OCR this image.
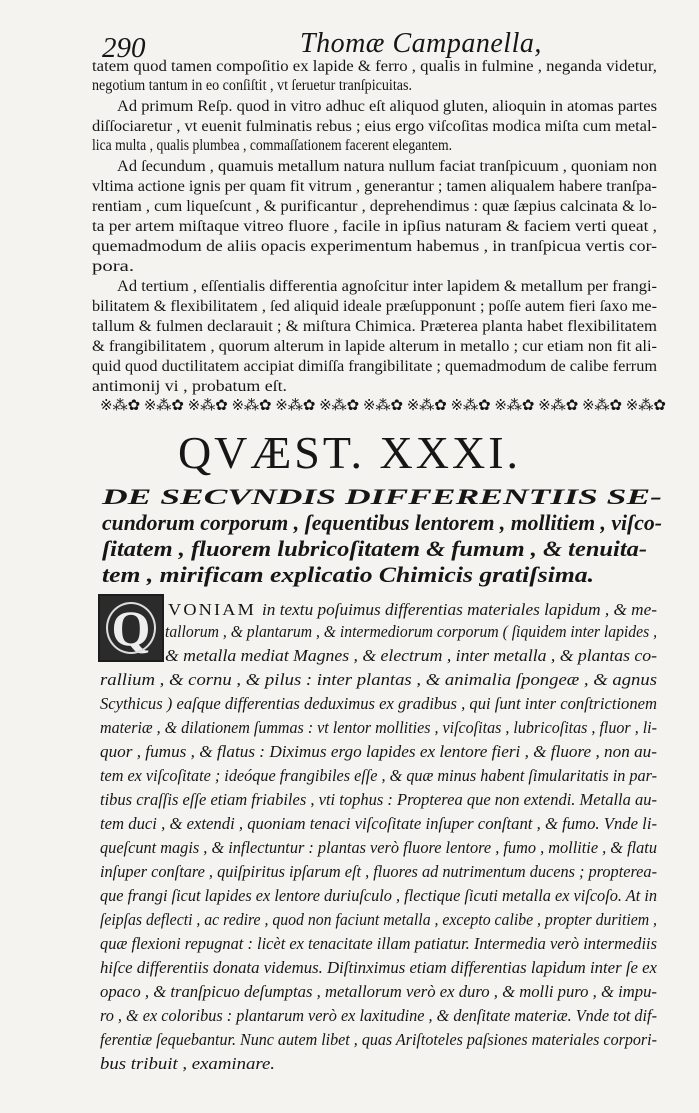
290	Thomæ Campanella,
tatem quod tamen compoſitio ex lapide & ferro , qualis in fulmine , neganda videtur,
negotium tantum in eo conſiſtit , vt ſeruetur tranſpicuitas.
Ad primum Reſp. quod in vitro adhuc eſt aliquod gluten, alioquin in atomas partes
diſſociaretur , vt euenit fulminatis rebus ; eius ergo viſcoſitas modica miſta cum metal-
lica multa , qualis plumbea , commaſſationem facerent elegantem.
Ad ſecundum , quamuis metallum natura nullum faciat tranſpicuum , quoniam non
vltima actione ignis per quam fit vitrum , generantur ; tamen aliqualem habere tranſpa-
rentiam , cum liqueſcunt , & purificantur , deprehendimus : quæ ſæpius calcinata & lo-
ta per artem miſtaque vitreo fluore , facile in ipſius naturam & faciem verti queat ,
quemadmodum de aliis opacis experimentum habemus , in tranſpicua vertis cor-
pora.
Ad tertium , eſſentialis differentia agnoſcitur inter lapidem & metallum per frangi-
bilitatem & flexibilitatem , ſed aliquid ideale præſupponunt ; poſſe autem fieri ſaxo me-
tallum & fulmen declarauit ; & miſtura Chimica. Præterea planta habet flexibilitatem
& frangibilitatem , quorum alterum in lapide alterum in metallo ; cur etiam non fit ali-
quid quod ductilitatem accipiat dimiſſa frangibilitate ; quemadmodum de calibe ferrum
antimonij vi , probatum eſt.
※⁂✿ ※⁂✿ ※⁂✿ ※⁂✿ ※⁂✿ ※⁂✿ ※⁂✿ ※⁂✿ ※⁂✿ ※⁂✿ ※⁂✿ ※⁂✿ ※⁂✿
QVÆST. XXXI.
DE SECVNDIS DIFFERENTIIS SE-
cundorum corporum , ſequentibus lentorem , mollitiem , viſco-
ſitatem , fluorem lubricoſitatem & fumum , & tenuita-
tem , mirificam explicatio Chimicis gratiſsima.
Q	VONIAM in textu poſuimus differentias materiales lapidum , & me-
tallorum , & plantarum , & intermediorum corporum ( ſiquidem inter lapides ,
& metalla mediat Magnes , & electrum , inter metalla , & plantas co-
rallium , & cornu , & pilus : inter plantas , & animalia ſpongeæ , & agnus
Scythicus ) eaſque differentias deduximus ex gradibus , qui ſunt inter conſtrictionem
materiæ , & dilationem ſummas : vt lentor mollities , viſcoſitas , lubricoſitas , fluor , li-
quor , fumus , & flatus : Diximus ergo lapides ex lentore fieri , & fluore , non au-
tem ex viſcoſitate ; ideóque frangibiles eſſe , & quæ minus habent ſimularitatis in par-
tibus craſſis eſſe etiam friabiles , vti tophus : Propterea que non extendi. Metalla au-
tem duci , & extendi , quoniam tenaci viſcoſitate inſuper conſtant , & fumo. Vnde li-
queſcunt magis , & inflectuntur : plantas verò fluore lentore , fumo , mollitie , & flatu
inſuper conſtare , quiſpiritus ipſarum eſt , fluores ad nutrimentum ducens ; propterea-
que frangi ſicut lapides ex lentore duriuſculo , flectique ſicuti metalla ex viſcoſo. At in
ſeipſas deflecti , ac redire , quod non faciunt metalla , excepto calibe , propter duritiem ,
quæ flexioni repugnat : licèt ex tenacitate illam patiatur. Intermedia verò intermediis
hiſce differentiis donata videmus. Diſtinximus etiam differentias lapidum inter ſe ex
opaco , & tranſpicuo deſumptas , metallorum verò ex duro , & molli puro , & impu-
ro , & ex coloribus : plantarum verò ex laxitudine , & denſitate materiæ. Vnde tot dif-
ferentiæ ſequebantur. Nunc autem libet , quas Ariſtoteles paſsiones materiales corpori-
bus tribuit , examinare.
